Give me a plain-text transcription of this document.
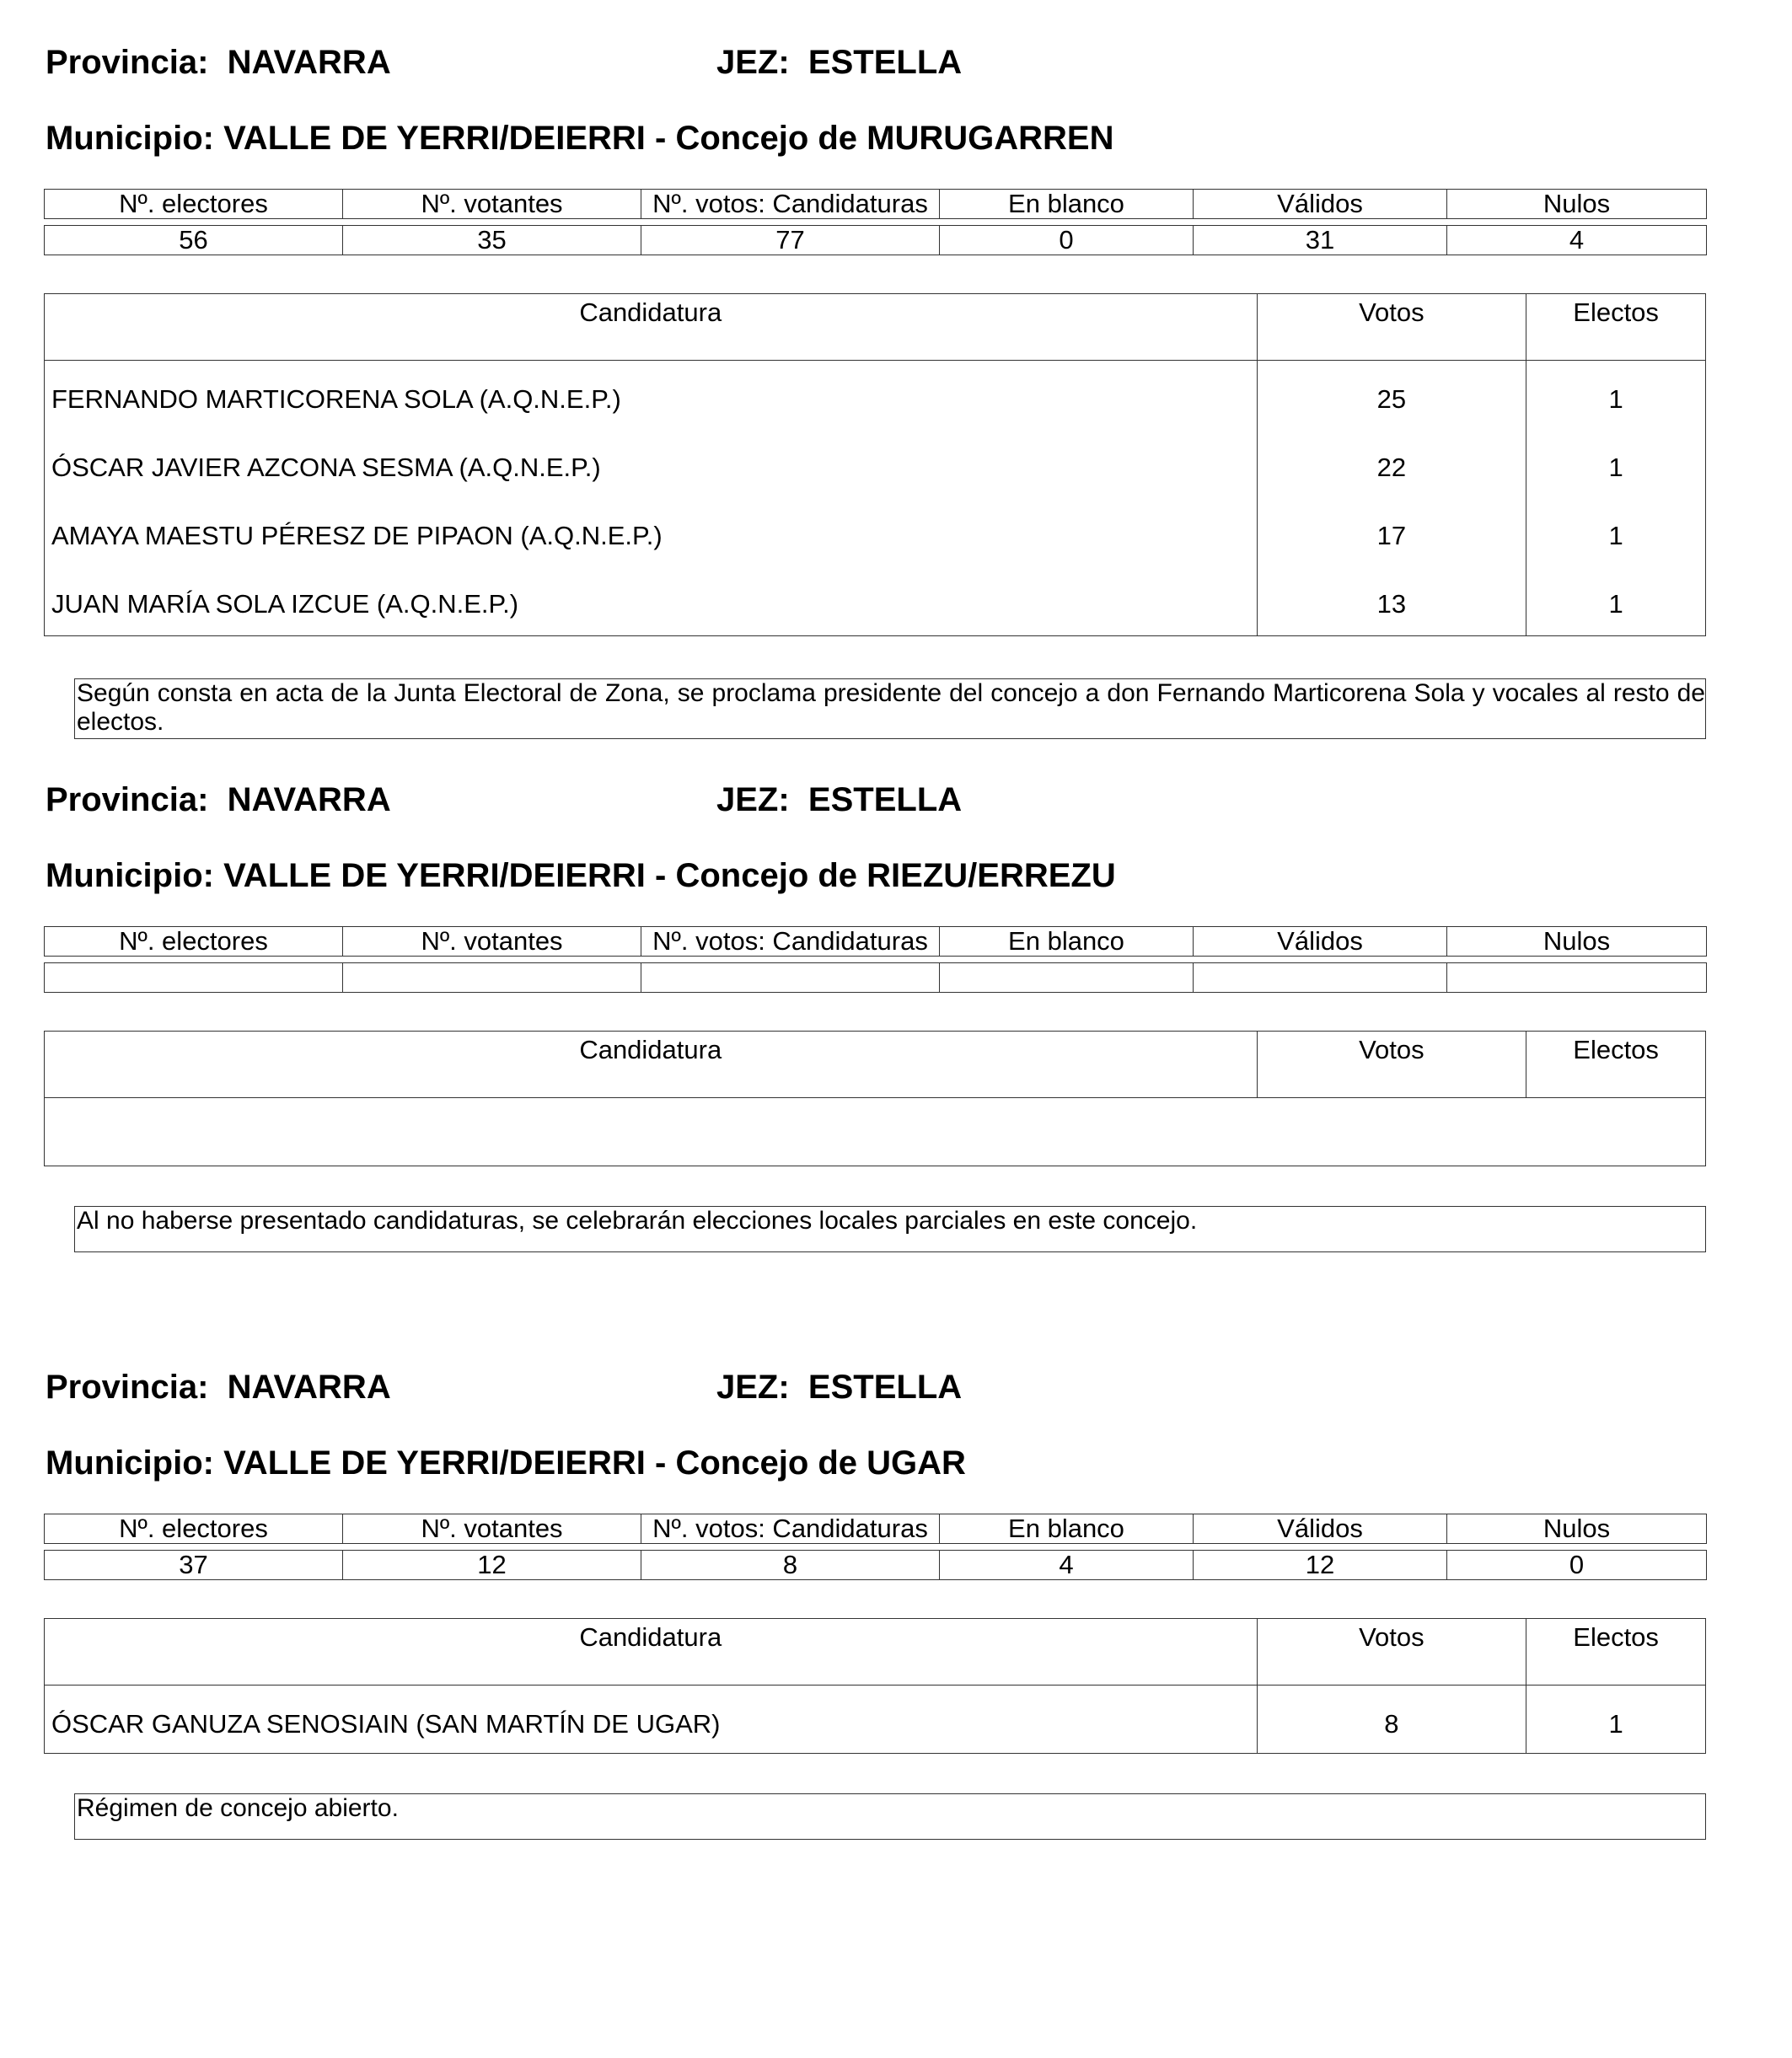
Provincia: NAVARRA	JEZ: ESTELLA
Municipio: VALLE DE YERRI/DEIERRI - Concejo de MURUGARREN
Nº. electores	Nº. votantes	Nº. votos: Candidaturas	En blanco	Válidos	Nulos

56	35	77	0	31	4
Candidatura	Votos	Electos
FERNANDO MARTICORENA SOLA (A.Q.N.E.P.)	25	1
ÓSCAR JAVIER AZCONA SESMA (A.Q.N.E.P.)	22	1
AMAYA MAESTU PÉRESZ DE PIPAON (A.Q.N.E.P.)	17	1
JUAN MARÍA SOLA IZCUE (A.Q.N.E.P.)	13	1
Según consta en acta de la Junta Electoral de Zona, se proclama presidente del concejo a don Fernando Marticorena Sola y vocales al resto de electos.
Provincia: NAVARRA	JEZ: ESTELLA
Municipio: VALLE DE YERRI/DEIERRI - Concejo de RIEZU/ERREZU
Nº. electores	Nº. votantes	Nº. votos: Candidaturas	En blanco	Válidos	Nulos

Candidatura	Votos	Electos
Al no haberse presentado candidaturas, se celebrarán elecciones locales parciales en este concejo.
Provincia: NAVARRA	JEZ: ESTELLA
Municipio: VALLE DE YERRI/DEIERRI - Concejo de UGAR
Nº. electores	Nº. votantes	Nº. votos: Candidaturas	En blanco	Válidos	Nulos

37	12	8	4	12	0
Candidatura	Votos	Electos
ÓSCAR GANUZA SENOSIAIN (SAN MARTÍN DE UGAR)	8	1
Régimen de concejo abierto.
